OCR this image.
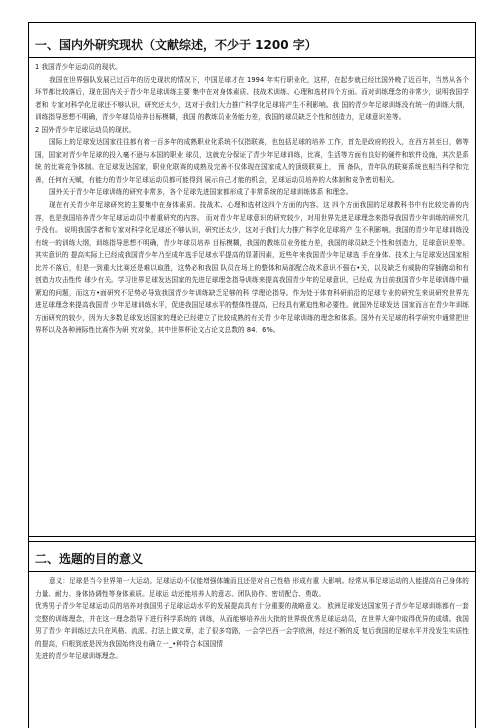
一、国内外研究现状（文献综述，不少于 1200 字）

1 我国青少年运动员的现状。

我国在世界强队发展已过百年的历史现状的情况下，中国足球才在 1994 年实行职业化，这样，在起步就已经比国外晚了近百年，当然从各个环节都比较落后，现在国内关于青少年足球训练主要 集中在对身体素质、技战术训练、心理和选材四个方面。而对训练理念的非常少，说明我国学者和 专家对科学化足球还不够认识，研究还太少，这对于我们大力推广科学化足球将产生不利影响。我 国的青少年足球训练没有统一的训练大纲，训练指导思想不明确，青少年球员培养目标模糊，我国 的教练员业务能力差，我国的球员缺乏个性和创造力，足球意识差等。

2 国外青少年足球运动员的现状。

国际上的足球发达国家往往都有着一百多年的成熟职业化系统不仅指联赛，也包括足球的培养 工作，首先是政府的投入，在西方甚至日，韩等国，国家对青少年足球的投入毫不逊与本国的职业 球员，这就充分保证了青少年足球训练，比赛，生活等方面有良好的硬件和软件设施，其次是系统 的比赛竞争体制。在足球发达国家，职业化联赛的成熟及完善不仅体现在国家成人的顶级联赛上， 预 备队，青年队的联赛系统也相当科学和完善，任何有天赋，有能力的青少年足球运动员都可能得到 展示自己才能的机会，足球运动员培养的大体制和竞争密切相关。

国外关于青少年足球训练的研究非常多，各个足球先进国家都形成了非常系统的足球训练体系 和理念。

现在有关青少年足球研究的主要集中在身体素质、技战术、心理和选材这四个方面的内容。这 四个方面我国的足球教科书中有比较完善的内容，也是我国培养青少年足球运动员中着重研究的内容。 而对青少年足球意识的研究较少，对用世界先进足球理念来指导我国青少年训练的研究几乎没有。 说明我国学者和专家对科学化足球还不够认识，研究还太少，这对于我们大力推广科学化足球将产 生不利影响。我国的青少年足球训练没有统一的训练大纲，训练指导思想不明确，青少年球员培养 目标模糊，我国的教练员业务能力差，我国的球员缺乏个性和创造力，足球意识差等。其实意识的 提高实际上已经成我国青少年乃至成年选手足球水平提高的显著因素，近些年来我国青少年足球选 手在身体、技术上与足球发达国家相比并不落后，但是一到重大比赛还是难以取胜，这势必和我国 队员在场上的整体和局部配合战术意识不强右•关，以及缺乏有威胁的穿插跑动和有创造力攻击性传 球少有关。学习世界足球发达国家的先进足球理念指导训练来提高我国青少年的足球意识，已经成 为目前我国青少年足球训练中最紧迫的问题，而这方•面研究不足势必导致我国青少年训练缺乏足够的科 学理论指导。作为处于体育科研前沿的足球专业的研究生来说研究世界先进足球理念来提高我国青 少年足球训练水平，促进我国足球水平的整体性提高，已经具有紧迫性和必要性。就国外足球发达 国家而言在青少年训练方面研究的较少，因为大多数足球发达国家的理论已经建立了比较成熟的有关青 少年足球训练的理念和体系。国外有关足球的科学研究中通常把世界杯以及各种洲际性比赛作为研 究对象，其中世界杯论文占论文总数的 84．6%。

二、选题的目的意义

意义：足球是当今世界第一大运动。足球运动不仅能增强体魄而且还是对自己性格 形成有重 大影响。经常从事足球运动的人能提高自己身体的力量、耐力、身体协调性等身体素质。足球运 动还能培养人的意志、团队协作、密切配合、勇敢。

优秀男子青少年足球运动员的培养对我国男子足球运动水平的发展提高具有十分重要的战略意义。 欧洲足球发达国家男子青少年足球训练都有一套完整的训练理念，并在这一理念指导下进行科学系统的 训练，从而能够培养出大批的世界级优秀足球运动员，在世界大赛中取得优异的成绩。我国男了青少 年训练过去只在风格、流派、打法上做文章，走了很多弯路，一会学巴西一会学欧洲，经过不断的反 复后我国的足球水平并没发生实质性的提高，归根到底是因为我国始终没有确立一_•种符合本国国情

先进的青少年足球训练理念。
